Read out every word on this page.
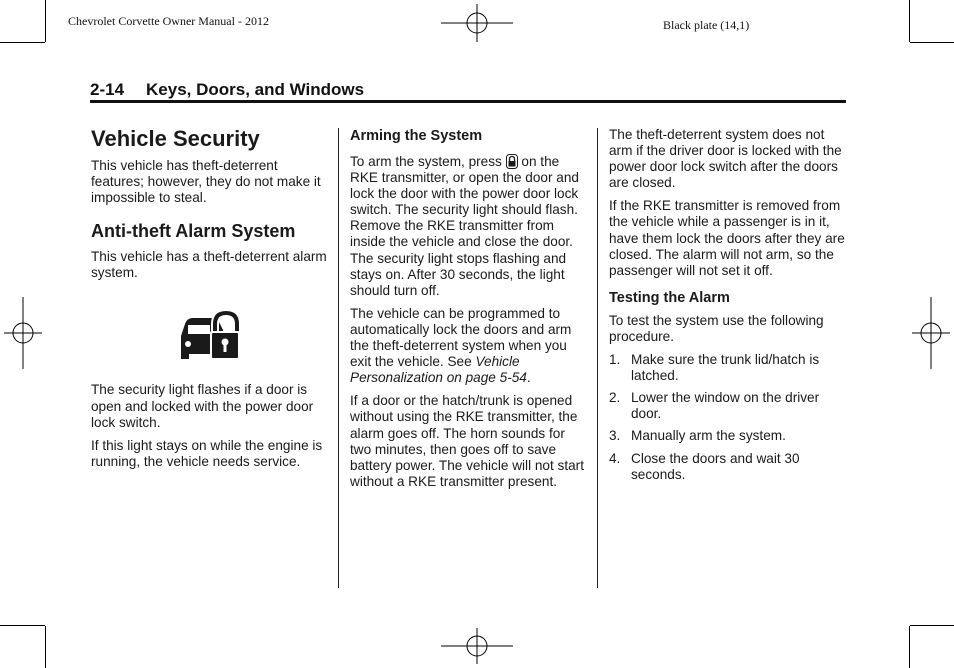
Chevrolet Corvette Owner Manual - 2012	Black plate (14,1)
2-14 Keys, Doors, and Windows
Vehicle Security

This vehicle has theft-deterrent features; however, they do not make it impossible to steal.

Anti-theft Alarm System

This vehicle has a theft-deterrent alarm system.

The security light flashes if a door is open and locked with the power door lock switch.

If this light stays on while the engine is running, the vehicle needs service.

Arming the System

To arm the system, press on the RKE transmitter, or open the door and lock the door with the power door lock switch. The security light should flash. Remove the RKE transmitter from inside the vehicle and close the door. The security light stops flashing and stays on. After 30 seconds, the light should turn off.

The vehicle can be programmed to automatically lock the doors and arm the theft-deterrent system when you exit the vehicle. See Vehicle Personalization on page 5-54.

If a door or the hatch/trunk is opened without using the RKE transmitter, the alarm goes off. The horn sounds for two minutes, then goes off to save battery power. The vehicle will not start without a RKE transmitter present.

The theft-deterrent system does not arm if the driver door is locked with the power door lock switch after the doors are closed.

If the RKE transmitter is removed from the vehicle while a passenger is in it, have them lock the doors after they are closed. The alarm will not arm, so the passenger will not set it off.

Testing the Alarm

To test the system use the following procedure.

1. Make sure the trunk lid/hatch is latched.
2. Lower the window on the driver door.
3. Manually arm the system.
4. Close the doors and wait 30 seconds.
